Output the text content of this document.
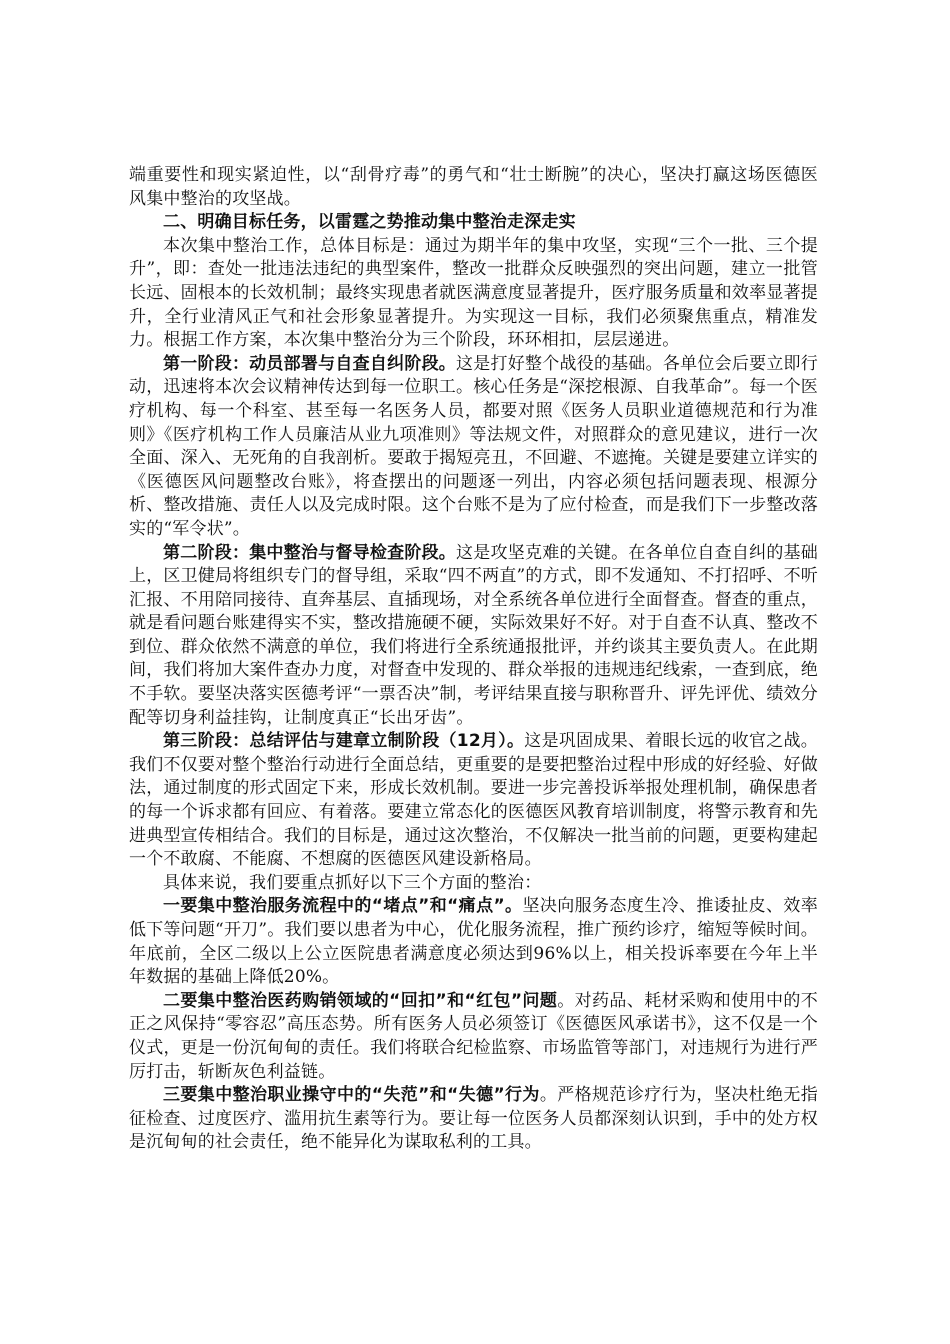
端重要性和现实紧迫性，以“刮骨疗毒”的勇气和“壮士断腕”的决心，坚决打赢这场医德医风集中整治的攻坚战。

二、明确目标任务，以雷霆之势推动集中整治走深走实

本次集中整治工作，总体目标是：通过为期半年的集中攻坚，实现“三个一批、三个提升”，即：查处一批违法违纪的典型案件，整改一批群众反映强烈的突出问题，建立一批管长远、固根本的长效机制；最终实现患者就医满意度显著提升，医疗服务质量和效率显著提升，全行业清风正气和社会形象显著提升。为实现这一目标，我们必须聚焦重点，精准发力。根据工作方案，本次集中整治分为三个阶段，环环相扣，层层递进。

第一阶段：动员部署与自查自纠阶段。这是打好整个战役的基础。各单位会后要立即行动，迅速将本次会议精神传达到每一位职工。核心任务是“深挖根源、自我革命”。每一个医疗机构、每一个科室、甚至每一名医务人员，都要对照《医务人员职业道德规范和行为准则》《医疗机构工作人员廉洁从业九项准则》等法规文件，对照群众的意见建议，进行一次全面、深入、无死角的自我剖析。要敢于揭短亮丑，不回避、不遮掩。关键是要建立详实的《医德医风问题整改台账》，将查摆出的问题逐一列出，内容必须包括问题表现、根源分析、整改措施、责任人以及完成时限。这个台账不是为了应付检查，而是我们下一步整改落实的“军令状”。

第二阶段：集中整治与督导检查阶段。这是攻坚克难的关键。在各单位自查自纠的基础上，区卫健局将组织专门的督导组，采取“四不两直”的方式，即不发通知、不打招呼、不听汇报、不用陪同接待、直奔基层、直插现场，对全系统各单位进行全面督查。督查的重点，就是看问题台账建得实不实，整改措施硬不硬，实际效果好不好。对于自查不认真、整改不到位、群众依然不满意的单位，我们将进行全系统通报批评，并约谈其主要负责人。在此期间，我们将加大案件查办力度，对督查中发现的、群众举报的违规违纪线索，一查到底，绝不手软。要坚决落实医德考评“一票否决”制，考评结果直接与职称晋升、评先评优、绩效分配等切身利益挂钩，让制度真正“长出牙齿”。

第三阶段：总结评估与建章立制阶段（12月）。这是巩固成果、着眼长远的收官之战。我们不仅要对整个整治行动进行全面总结，更重要的是要把整治过程中形成的好经验、好做法，通过制度的形式固定下来，形成长效机制。要进一步完善投诉举报处理机制，确保患者的每一个诉求都有回应、有着落。要建立常态化的医德医风教育培训制度，将警示教育和先进典型宣传相结合。我们的目标是，通过这次整治，不仅解决一批当前的问题，更要构建起一个不敢腐、不能腐、不想腐的医德医风建设新格局。

具体来说，我们要重点抓好以下三个方面的整治：

一要集中整治服务流程中的“堵点”和“痛点”。坚决向服务态度生冷、推诿扯皮、效率低下等问题“开刀”。我们要以患者为中心，优化服务流程，推广预约诊疗，缩短等候时间。年底前，全区二级以上公立医院患者满意度必须达到96%以上，相关投诉率要在今年上半年数据的基础上降低20%。

二要集中整治医药购销领域的“回扣”和“红包”问题。对药品、耗材采购和使用中的不正之风保持“零容忍”高压态势。所有医务人员必须签订《医德医风承诺书》，这不仅是一个仪式，更是一份沉甸甸的责任。我们将联合纪检监察、市场监管等部门，对违规行为进行严厉打击，斩断灰色利益链。

三要集中整治职业操守中的“失范”和“失德”行为。严格规范诊疗行为，坚决杜绝无指征检查、过度医疗、滥用抗生素等行为。要让每一位医务人员都深刻认识到，手中的处方权是沉甸甸的社会责任，绝不能异化为谋取私利的工具。
